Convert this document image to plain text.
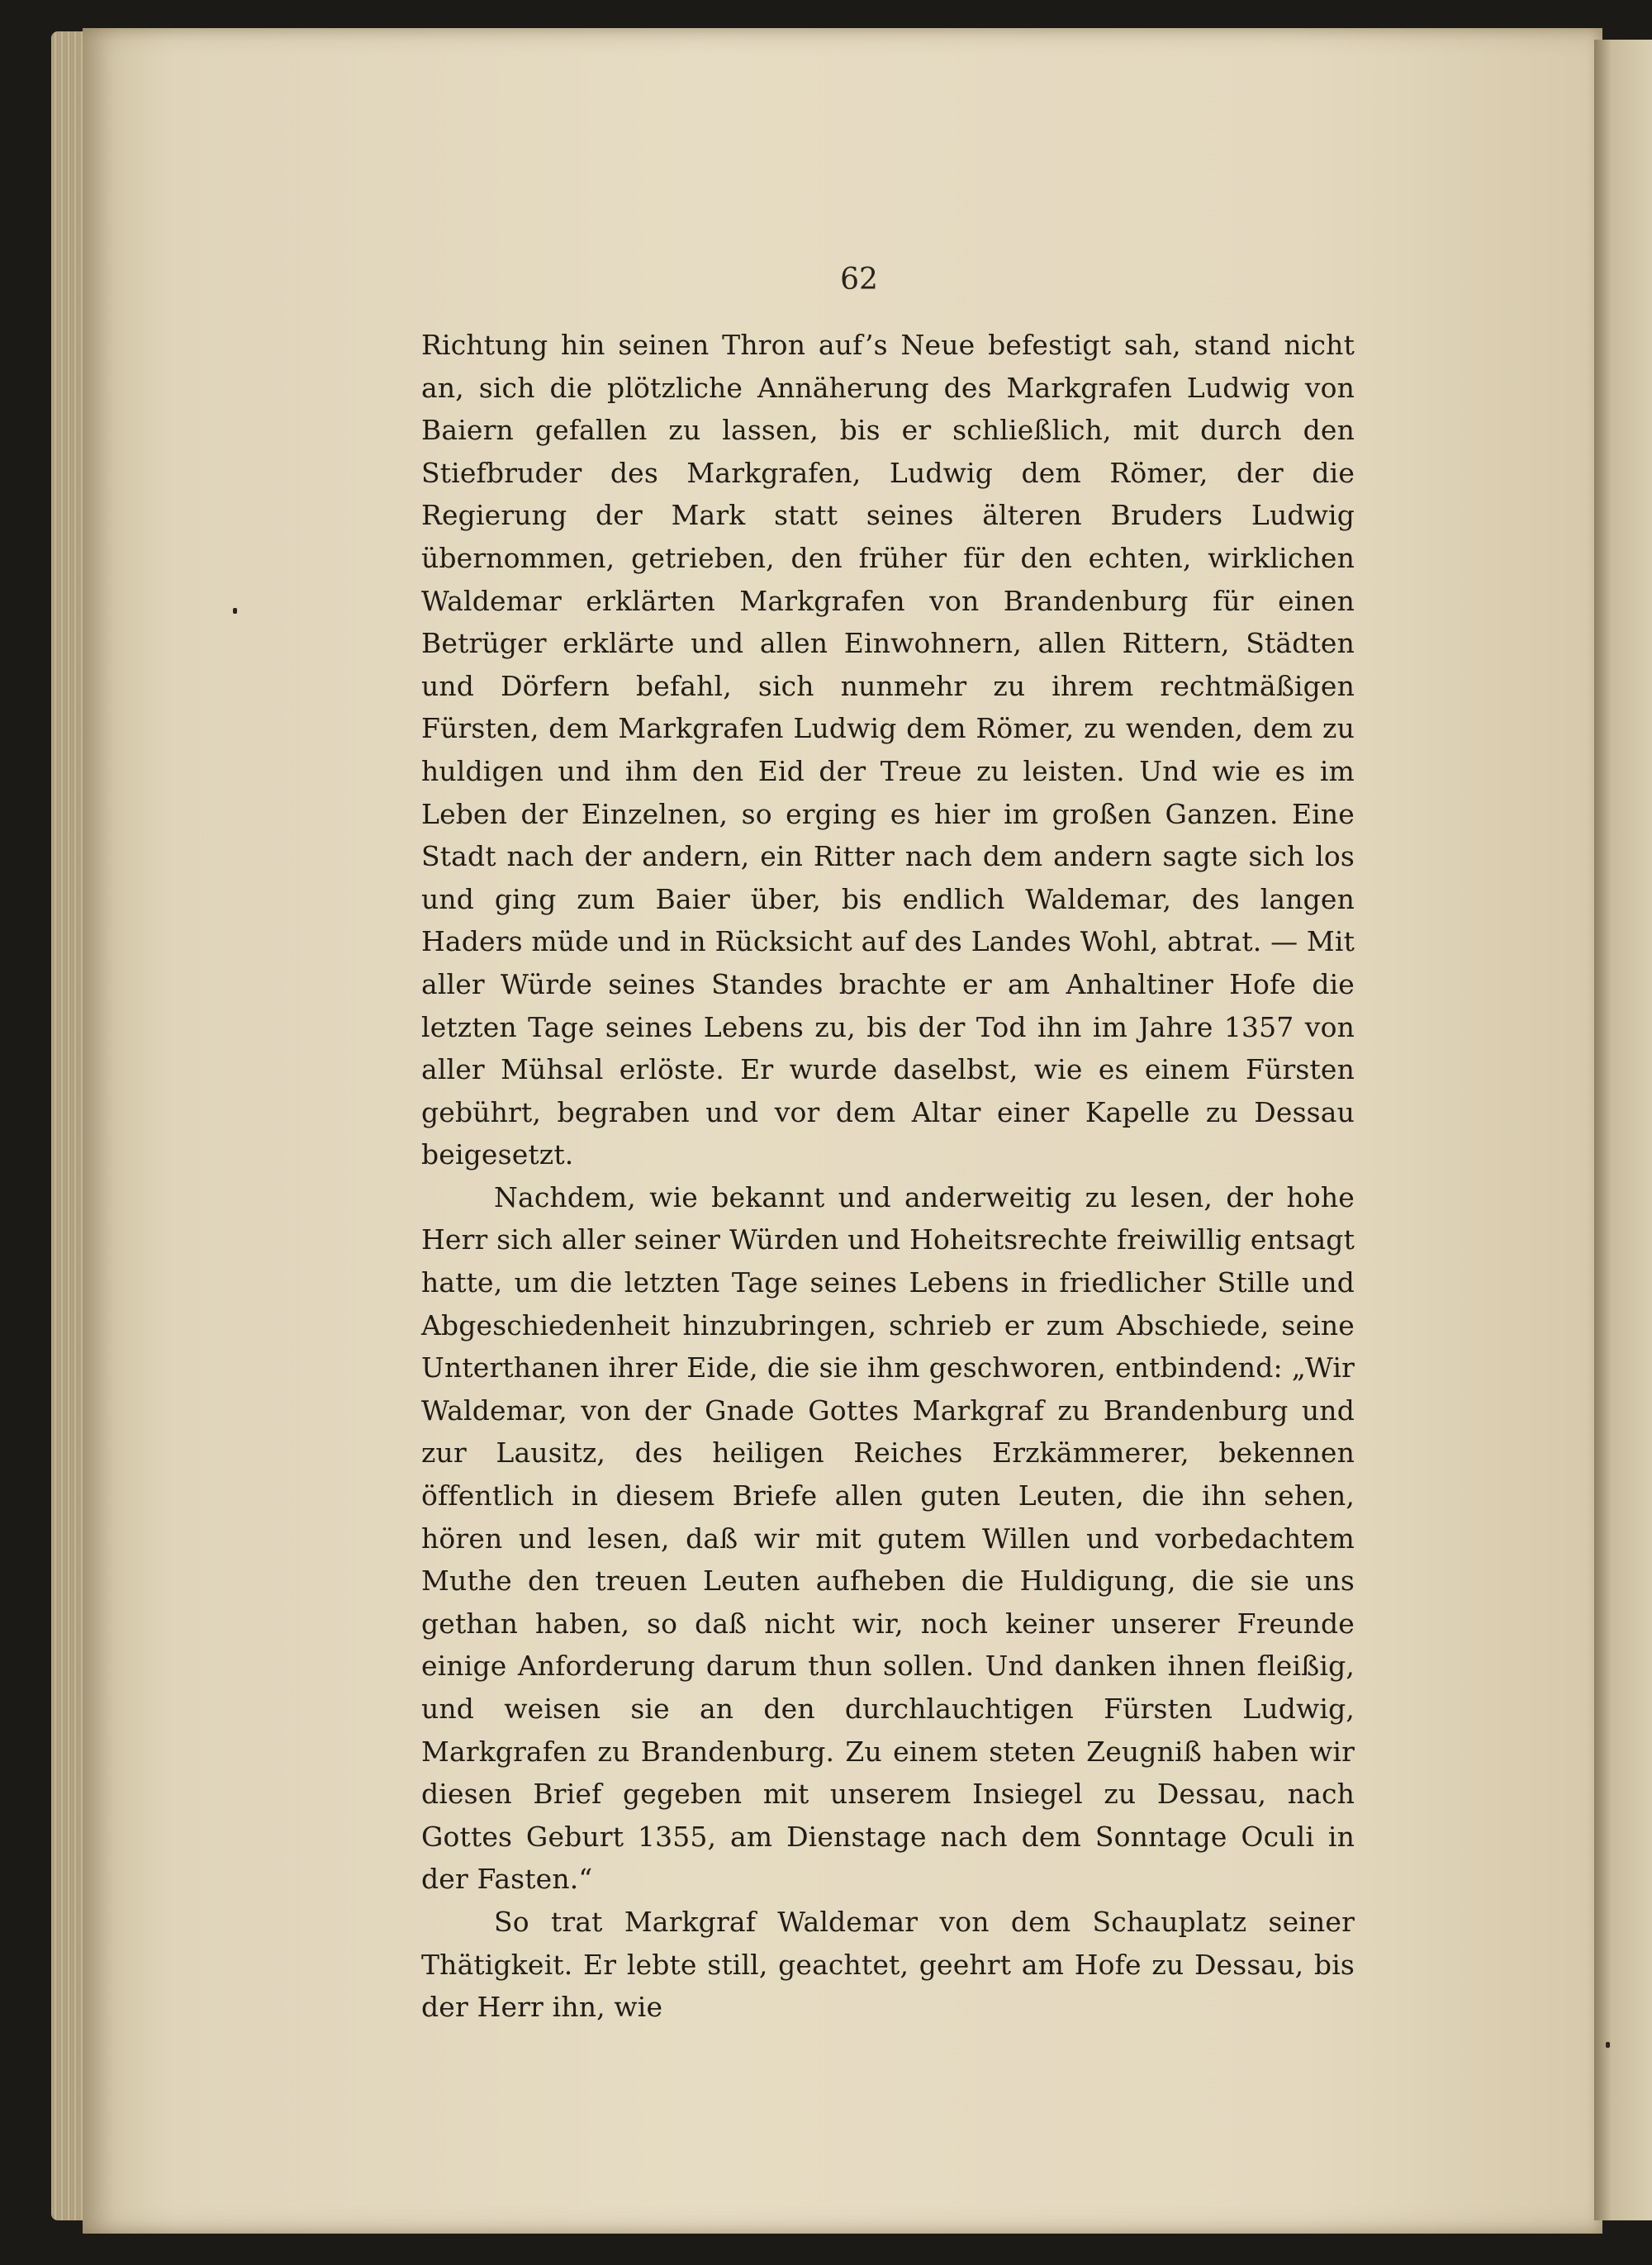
62

Richtung hin seinen Thron auf’s Neue befestigt sah, stand nicht an, sich die plötzliche Annäherung des Markgrafen Ludwig von Baiern gefallen zu lassen, bis er schließlich, mit durch den Stiefbruder des Markgrafen, Ludwig dem Römer, der die Regierung der Mark statt seines älteren Bruders Ludwig übernommen, getrieben, den früher für den echten, wirklichen Waldemar erklärten Markgrafen von Brandenburg für einen Betrüger erklärte und allen Einwohnern, allen Rittern, Städten und Dörfern befahl, sich nunmehr zu ihrem rechtmäßigen Fürsten, dem Markgrafen Ludwig dem Römer, zu wenden, dem zu huldigen und ihm den Eid der Treue zu leisten. Und wie es im Leben der Einzelnen, so erging es hier im großen Ganzen. Eine Stadt nach der andern, ein Ritter nach dem andern sagte sich los und ging zum Baier über, bis endlich Waldemar, des langen Haders müde und in Rücksicht auf des Landes Wohl, abtrat. — Mit aller Würde seines Standes brachte er am Anhaltiner Hofe die letzten Tage seines Lebens zu, bis der Tod ihn im Jahre 1357 von aller Mühsal erlöste. Er wurde daselbst, wie es einem Fürsten gebührt, begraben und vor dem Altar einer Kapelle zu Dessau beigesetzt.

Nachdem, wie bekannt und anderweitig zu lesen, der hohe Herr sich aller seiner Würden und Hoheitsrechte freiwillig entsagt hatte, um die letzten Tage seines Lebens in friedlicher Stille und Abgeschiedenheit hinzubringen, schrieb er zum Abschiede, seine Unterthanen ihrer Eide, die sie ihm geschworen, entbindend: „Wir Waldemar, von der Gnade Gottes Markgraf zu Brandenburg und zur Lausitz, des heiligen Reiches Erzkämmerer, bekennen öffentlich in diesem Briefe allen guten Leuten, die ihn sehen, hören und lesen, daß wir mit gutem Willen und vorbedachtem Muthe den treuen Leuten aufheben die Huldigung, die sie uns gethan haben, so daß nicht wir, noch keiner unserer Freunde einige Anforderung darum thun sollen. Und danken ihnen fleißig, und weisen sie an den durchlauchtigen Fürsten Ludwig, Markgrafen zu Brandenburg. Zu einem steten Zeugniß haben wir diesen Brief gegeben mit unserem Insiegel zu Dessau, nach Gottes Geburt 1355, am Dienstage nach dem Sonntage Oculi in der Fasten.“

So trat Markgraf Waldemar von dem Schauplatz seiner Thätigkeit. Er lebte still, geachtet, geehrt am Hofe zu Dessau, bis der Herr ihn, wie
